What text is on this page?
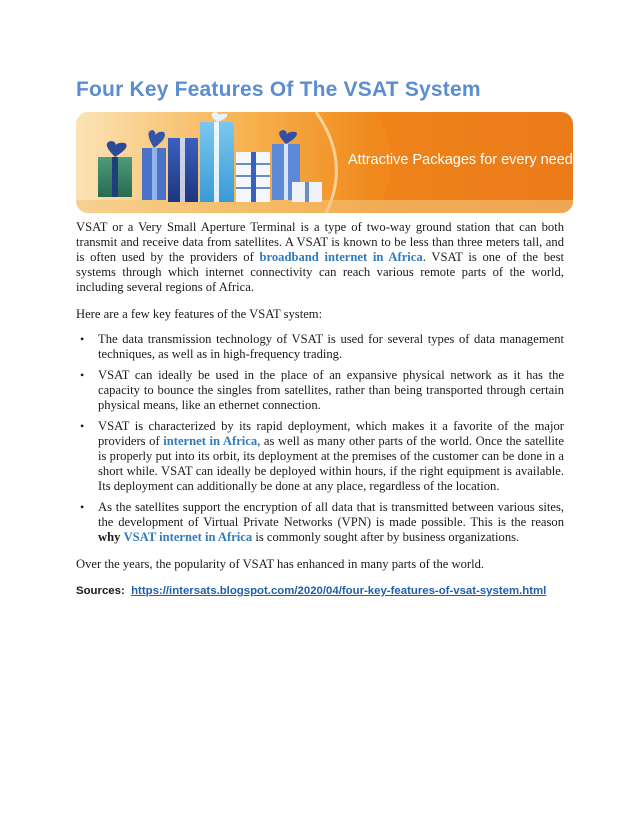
Four Key Features Of The VSAT System
Attractive Packages for every need

VSAT or a Very Small Aperture Terminal is a type of two-way ground station that can both transmit and receive data from satellites. A VSAT is known to be less than three meters tall, and is often used by the providers of broadband internet in Africa. VSAT is one of the best systems through which internet connectivity can reach various remote parts of the world, including several regions of Africa.

Here are a few key features of the VSAT system:

• The data transmission technology of VSAT is used for several types of data management techniques, as well as in high-frequency trading.
• VSAT can ideally be used in the place of an expansive physical network as it has the capacity to bounce the singles from satellites, rather than being transported through certain physical means, like an ethernet connection.
• VSAT is characterized by its rapid deployment, which makes it a favorite of the major providers of internet in Africa, as well as many other parts of the world. Once the satellite is properly put into its orbit, its deployment at the premises of the customer can be done in a short while. VSAT can ideally be deployed within hours, if the right equipment is available. Its deployment can additionally be done at any place, regardless of the location.
• As the satellites support the encryption of all data that is transmitted between various sites, the development of Virtual Private Networks (VPN) is made possible. This is the reason why VSAT internet in Africa is commonly sought after by business organizations.

Over the years, the popularity of VSAT has enhanced in many parts of the world.

Sources: https://intersats.blogspot.com/2020/04/four-key-features-of-vsat-system.html
